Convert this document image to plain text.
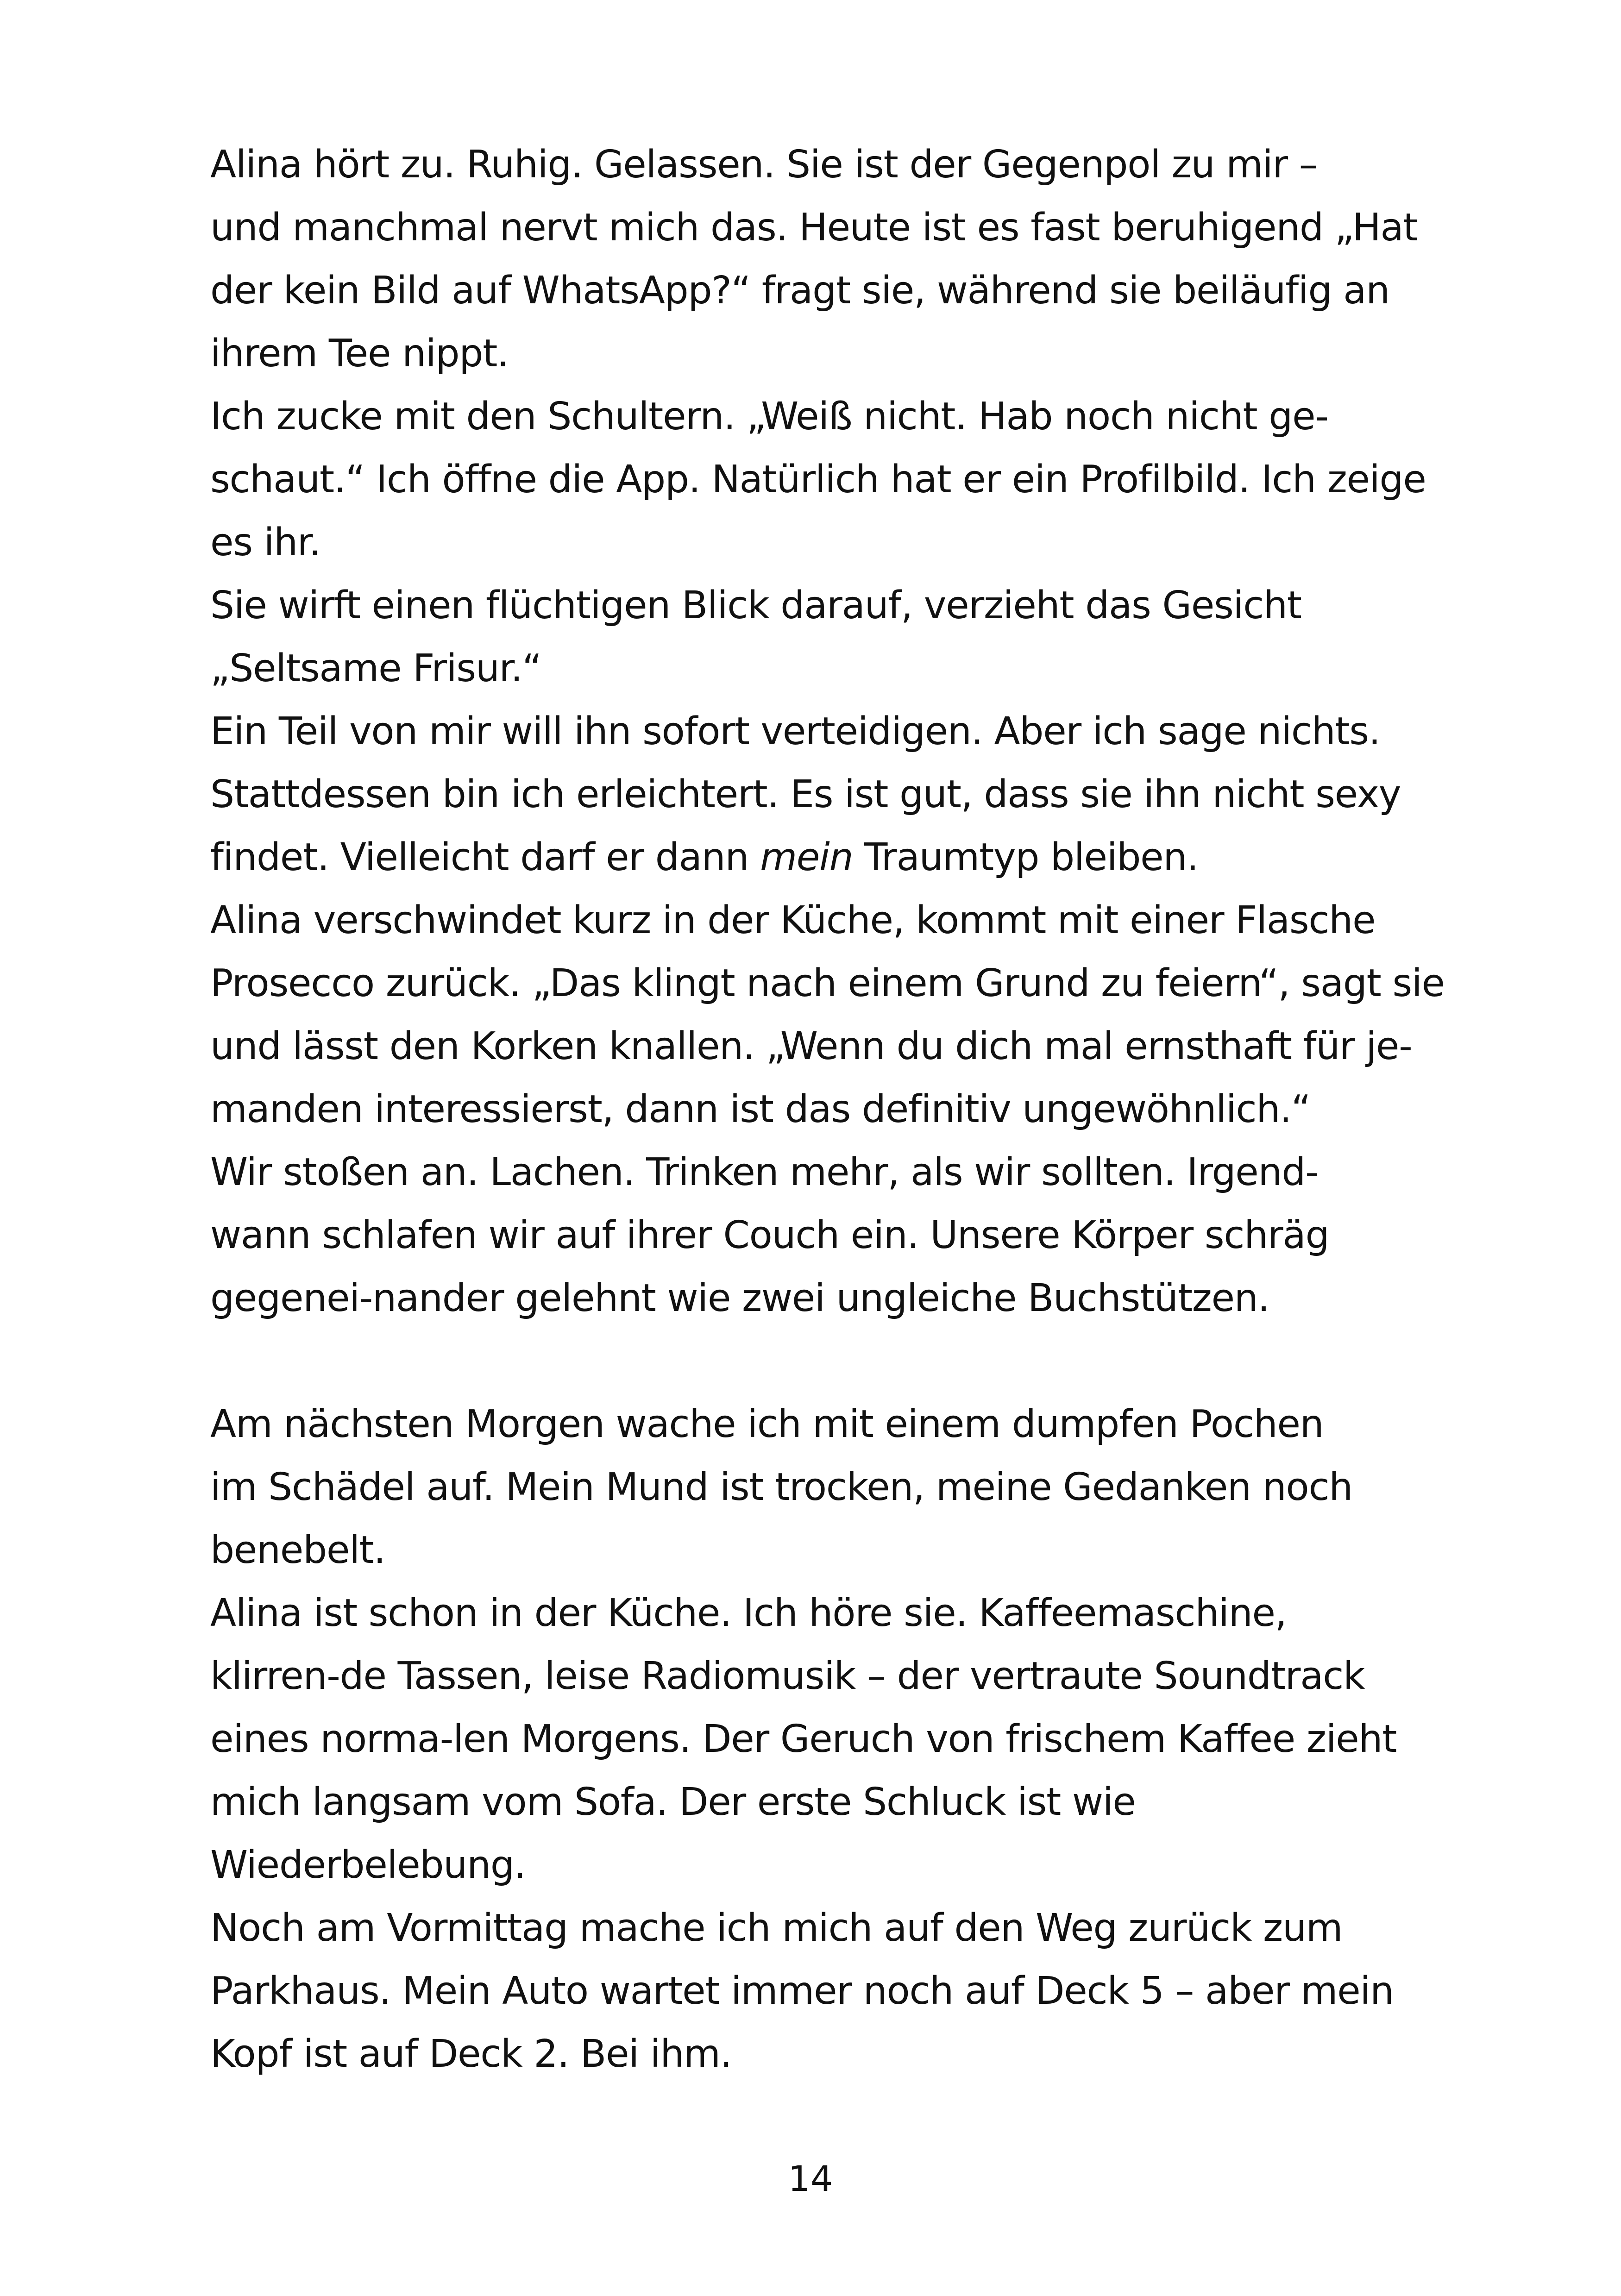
Alina hört zu. Ruhig. Gelassen. Sie ist der Gegenpol zu mir –
und manchmal nervt mich das. Heute ist es fast beruhigend „Hat
der kein Bild auf WhatsApp?“ fragt sie, während sie beiläufig an
ihrem Tee nippt.

Ich zucke mit den Schultern. „Weiß nicht. Hab noch nicht ge-
schaut.“ Ich öffne die App. Natürlich hat er ein Profilbild. Ich zeige
es ihr.

Sie wirft einen flüchtigen Blick darauf, verzieht das Gesicht
„Seltsame Frisur.“

Ein Teil von mir will ihn sofort verteidigen. Aber ich sage nichts.
Stattdessen bin ich erleichtert. Es ist gut, dass sie ihn nicht sexy
findet. Vielleicht darf er dann mein Traumtyp bleiben.

Alina verschwindet kurz in der Küche, kommt mit einer Flasche
Prosecco zurück. „Das klingt nach einem Grund zu feiern“, sagt sie
und lässt den Korken knallen. „Wenn du dich mal ernsthaft für je-
manden interessierst, dann ist das definitiv ungewöhnlich.“

Wir stoßen an. Lachen. Trinken mehr, als wir sollten. Irgend-
wann schlafen wir auf ihrer Couch ein. Unsere Körper schräg
gegenei-nander gelehnt wie zwei ungleiche Buchstützen.

Am nächsten Morgen wache ich mit einem dumpfen Pochen
im Schädel auf. Mein Mund ist trocken, meine Gedanken noch
benebelt.

Alina ist schon in der Küche. Ich höre sie. Kaffeemaschine,
klirren-de Tassen, leise Radiomusik – der vertraute Soundtrack
eines norma-len Morgens. Der Geruch von frischem Kaffee zieht
mich langsam vom Sofa. Der erste Schluck ist wie
Wiederbelebung.

Noch am Vormittag mache ich mich auf den Weg zurück zum
Parkhaus. Mein Auto wartet immer noch auf Deck 5 – aber mein
Kopf ist auf Deck 2. Bei ihm.

14
